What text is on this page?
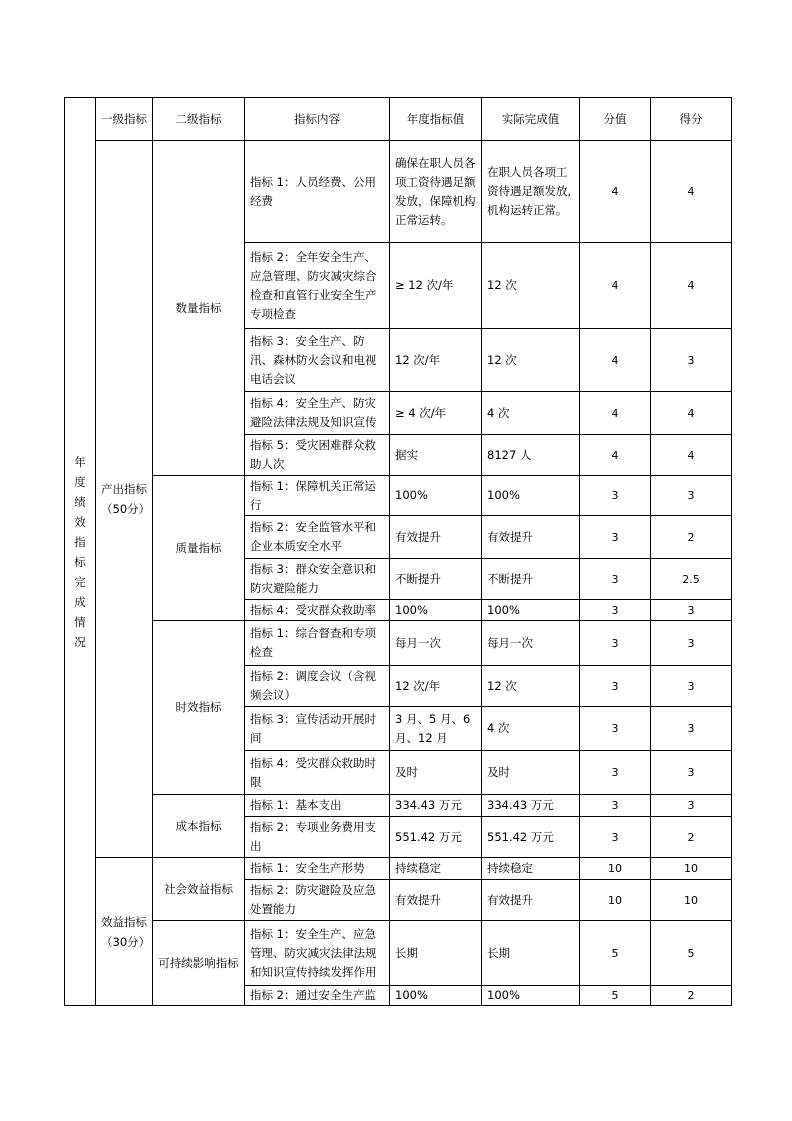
年度绩效指标完成情况	一级指标	二级指标	指标内容	年度指标值	实际完成值	分值	得分
	产出指标（50分）	数量指标	指标 1：人员经费、公用经费	确保在职人员各项工资待遇足额发放，保障机构正常运转。	在职人员各项工资待遇足额发放,机构运转正常。	4	4
			指标 2：全年安全生产、应急管理、防灾减灾综合检查和直管行业安全生产专项检查	≥ 12 次/年	12 次	4	4
			指标 3：安全生产、防汛、森林防火会议和电视电话会议	12 次/年	12 次	4	3
			指标 4：安全生产、防灾避险法律法规及知识宣传	≥ 4 次/年	4 次	4	4
			指标 5：受灾困难群众救助人次	据实	8127 人	4	4
		质量指标	指标 1：保障机关正常运行	100%	100%	3	3
			指标 2：安全监管水平和企业本质安全水平	有效提升	有效提升	3	2
			指标 3：群众安全意识和防灾避险能力	不断提升	不断提升	3	2.5
			指标 4：受灾群众救助率	100%	100%	3	3
		时效指标	指标 1：综合督查和专项检查	每月一次	每月一次	3	3
			指标 2：调度会议（含视频会议）	12 次/年	12 次	3	3
			指标 3：宣传活动开展时间	3 月、5 月、6 月、12 月	4 次	3	3
			指标 4：受灾群众救助时限	及时	及时	3	3
		成本指标	指标 1：基本支出	334.43 万元	334.43 万元	3	3
			指标 2：专项业务费用支出	551.42 万元	551.42 万元	3	2
	效益指标（30分）	社会效益指标	指标 1：安全生产形势	持续稳定	持续稳定	10	10
			指标 2：防灾避险及应急处置能力	有效提升	有效提升	10	10
		可持续影响指标	指标 1：安全生产、应急管理、防灾减灾法律法规和知识宣传持续发挥作用	长期	长期	5	5
			指标 2：通过安全生产监	100%	100%	5	2
